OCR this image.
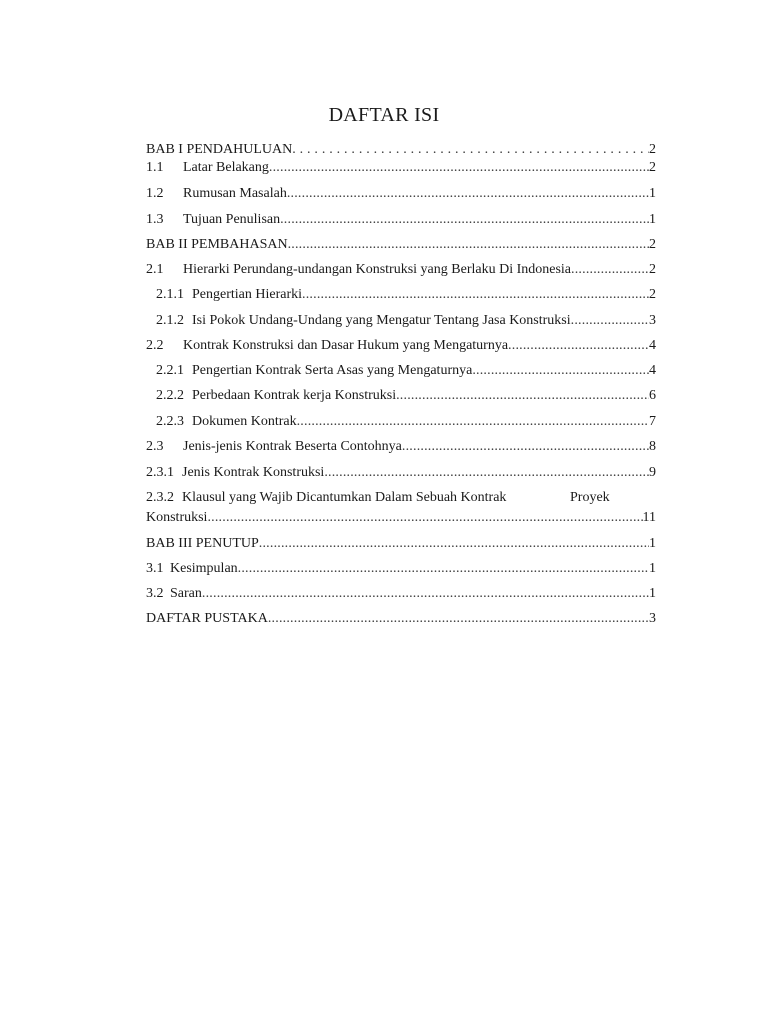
DAFTAR ISI
BAB I PENDAHULUAN . . .	2
1.1	Latar Belakang .....	2
1.2	Rumusan Masalah .....	1
1.3	Tujuan Penulisan .....	1
BAB II PEMBAHASAN .....	2
2.1	Hierarki Perundang-undangan Konstruksi yang Berlaku Di Indonesia .....	2
2.1.1 Pengertian Hierarki .....	2
2.1.2 Isi Pokok Undang-Undang yang Mengatur Tentang Jasa Konstruksi .....	3
2.2	Kontrak Konstruksi dan Dasar Hukum yang Mengaturnya .....	4
2.2.1 Pengertian Kontrak Serta Asas yang Mengaturnya .....	4
2.2.2 Perbedaan Kontrak kerja Konstruksi .....	6
2.2.3 Dokumen Kontrak .....	7
2.3	Jenis-jenis Kontrak Beserta Contohnya .....	8
2.3.1 Jenis Kontrak Konstruksi .....	9
2.3.2 Klausul yang Wajib Dicantumkan Dalam Sebuah Kontrak	Proyek
Konstruksi .....	11
BAB III PENUTUP .....	1
3.1 Kesimpulan .....	1
3.2 Saran .....	1
DAFTAR PUSTAKA .....	3
